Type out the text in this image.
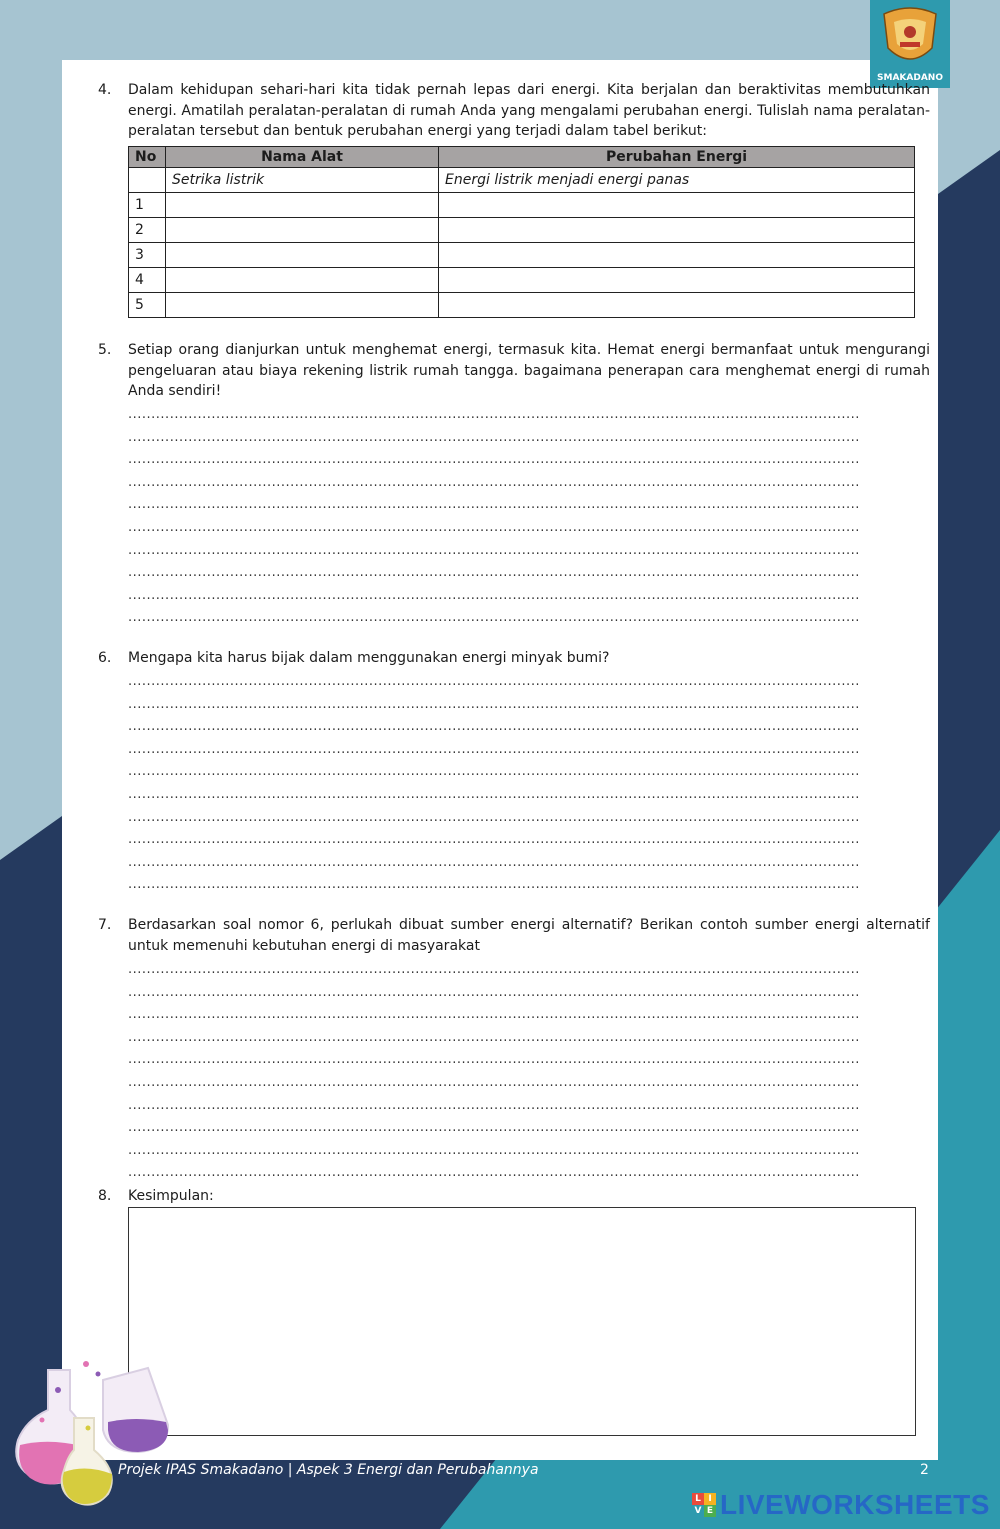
SMAKADANO
4.	Dalam kehidupan sehari-hari kita tidak pernah lepas dari energi. Kita berjalan dan beraktivitas membutuhkan energi. Amatilah peralatan-peralatan di rumah Anda yang mengalami perubahan energi. Tulislah nama peralatan-peralatan tersebut dan bentuk perubahan energi yang terjadi dalam tabel berikut:
No	Nama Alat	Perubahan Energi
	Setrika listrik	Energi listrik menjadi energi panas
1		
2		
3		
4		
5		
5.	Setiap orang dianjurkan untuk menghemat energi, termasuk kita. Hemat energi bermanfaat untuk mengurangi pengeluaran atau biaya rekening listrik rumah tangga. bagaimana penerapan cara menghemat energi di rumah Anda sendiri!
..............................................................................................................................................................
..............................................................................................................................................................
..............................................................................................................................................................
..............................................................................................................................................................
..............................................................................................................................................................
..............................................................................................................................................................
..............................................................................................................................................................
..............................................................................................................................................................
..............................................................................................................................................................
..............................................................................................................................................................
6.	Mengapa kita harus bijak dalam menggunakan energi minyak bumi?
..............................................................................................................................................................
..............................................................................................................................................................
..............................................................................................................................................................
..............................................................................................................................................................
..............................................................................................................................................................
..............................................................................................................................................................
..............................................................................................................................................................
..............................................................................................................................................................
..............................................................................................................................................................
..............................................................................................................................................................
7.	Berdasarkan soal nomor 6, perlukah dibuat sumber energi alternatif? Berikan contoh sumber energi alternatif untuk memenuhi kebutuhan energi di masyarakat
..............................................................................................................................................................
..............................................................................................................................................................
..............................................................................................................................................................
..............................................................................................................................................................
..............................................................................................................................................................
..............................................................................................................................................................
..............................................................................................................................................................
..............................................................................................................................................................
..............................................................................................................................................................
..............................................................................................................................................................
8.	Kesimpulan:
Projek IPAS Smakadano | Aspek 3 Energi dan Perubahannya	2
L I
V E LIVEWORKSHEETS
